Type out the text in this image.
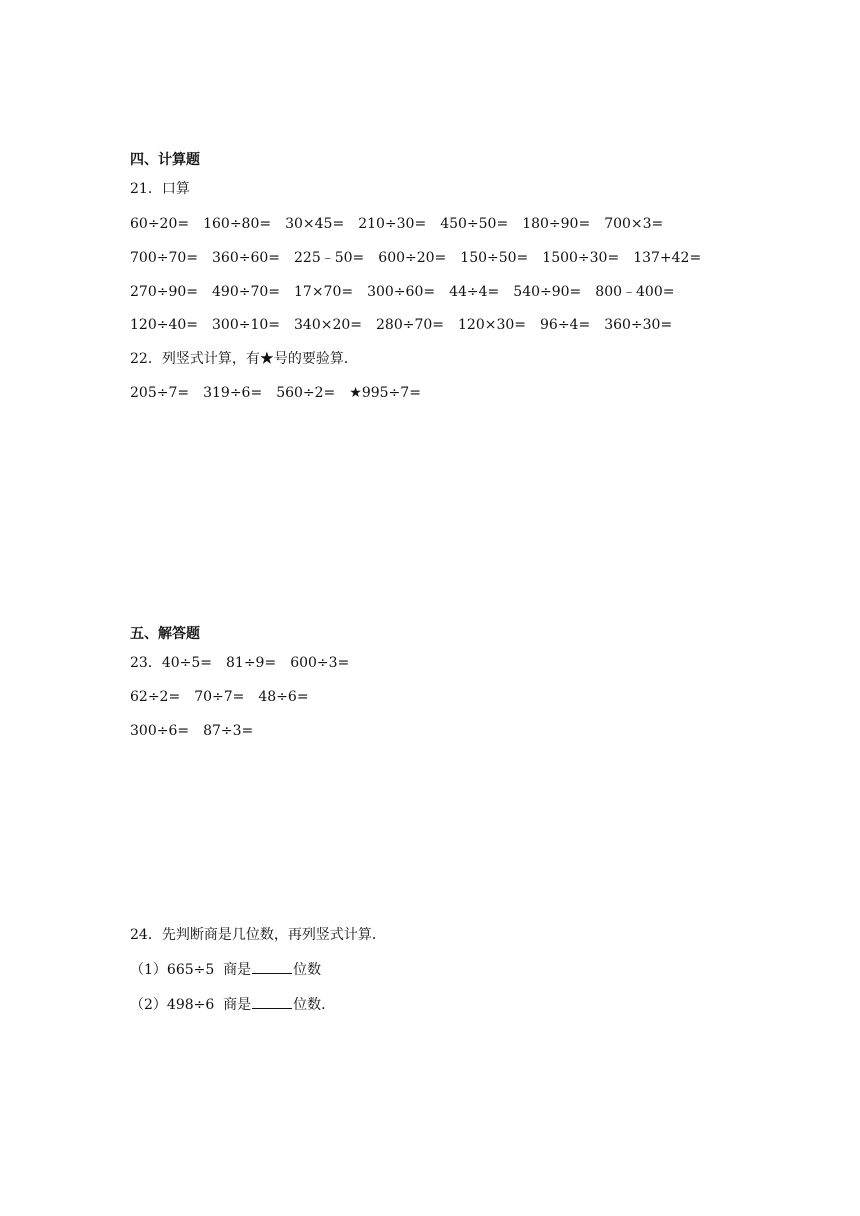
四、计算题
21．口算
60÷20= 160÷80= 30×45= 210÷30= 450÷50= 180÷90= 700×3=
700÷70= 360÷60= 225﹣50= 600÷20= 150÷50= 1500÷30= 137+42=
270÷90= 490÷70= 17×70= 300÷60= 44÷4= 540÷90= 800﹣400=
120÷40= 300÷10= 340×20= 280÷70= 120×30= 96÷4= 360÷30=
22．列竖式计算，有★号的要验算．
205÷7= 319÷6= 560÷2= ★995÷7=
五、解答题
23．40÷5= 81÷9= 600÷3=
62÷2= 70÷7= 48÷6=
300÷6= 87÷3=
24．先判断商是几位数，再列竖式计算．
（1）665÷5  商是	位数
（2）498÷6  商是	位数．
